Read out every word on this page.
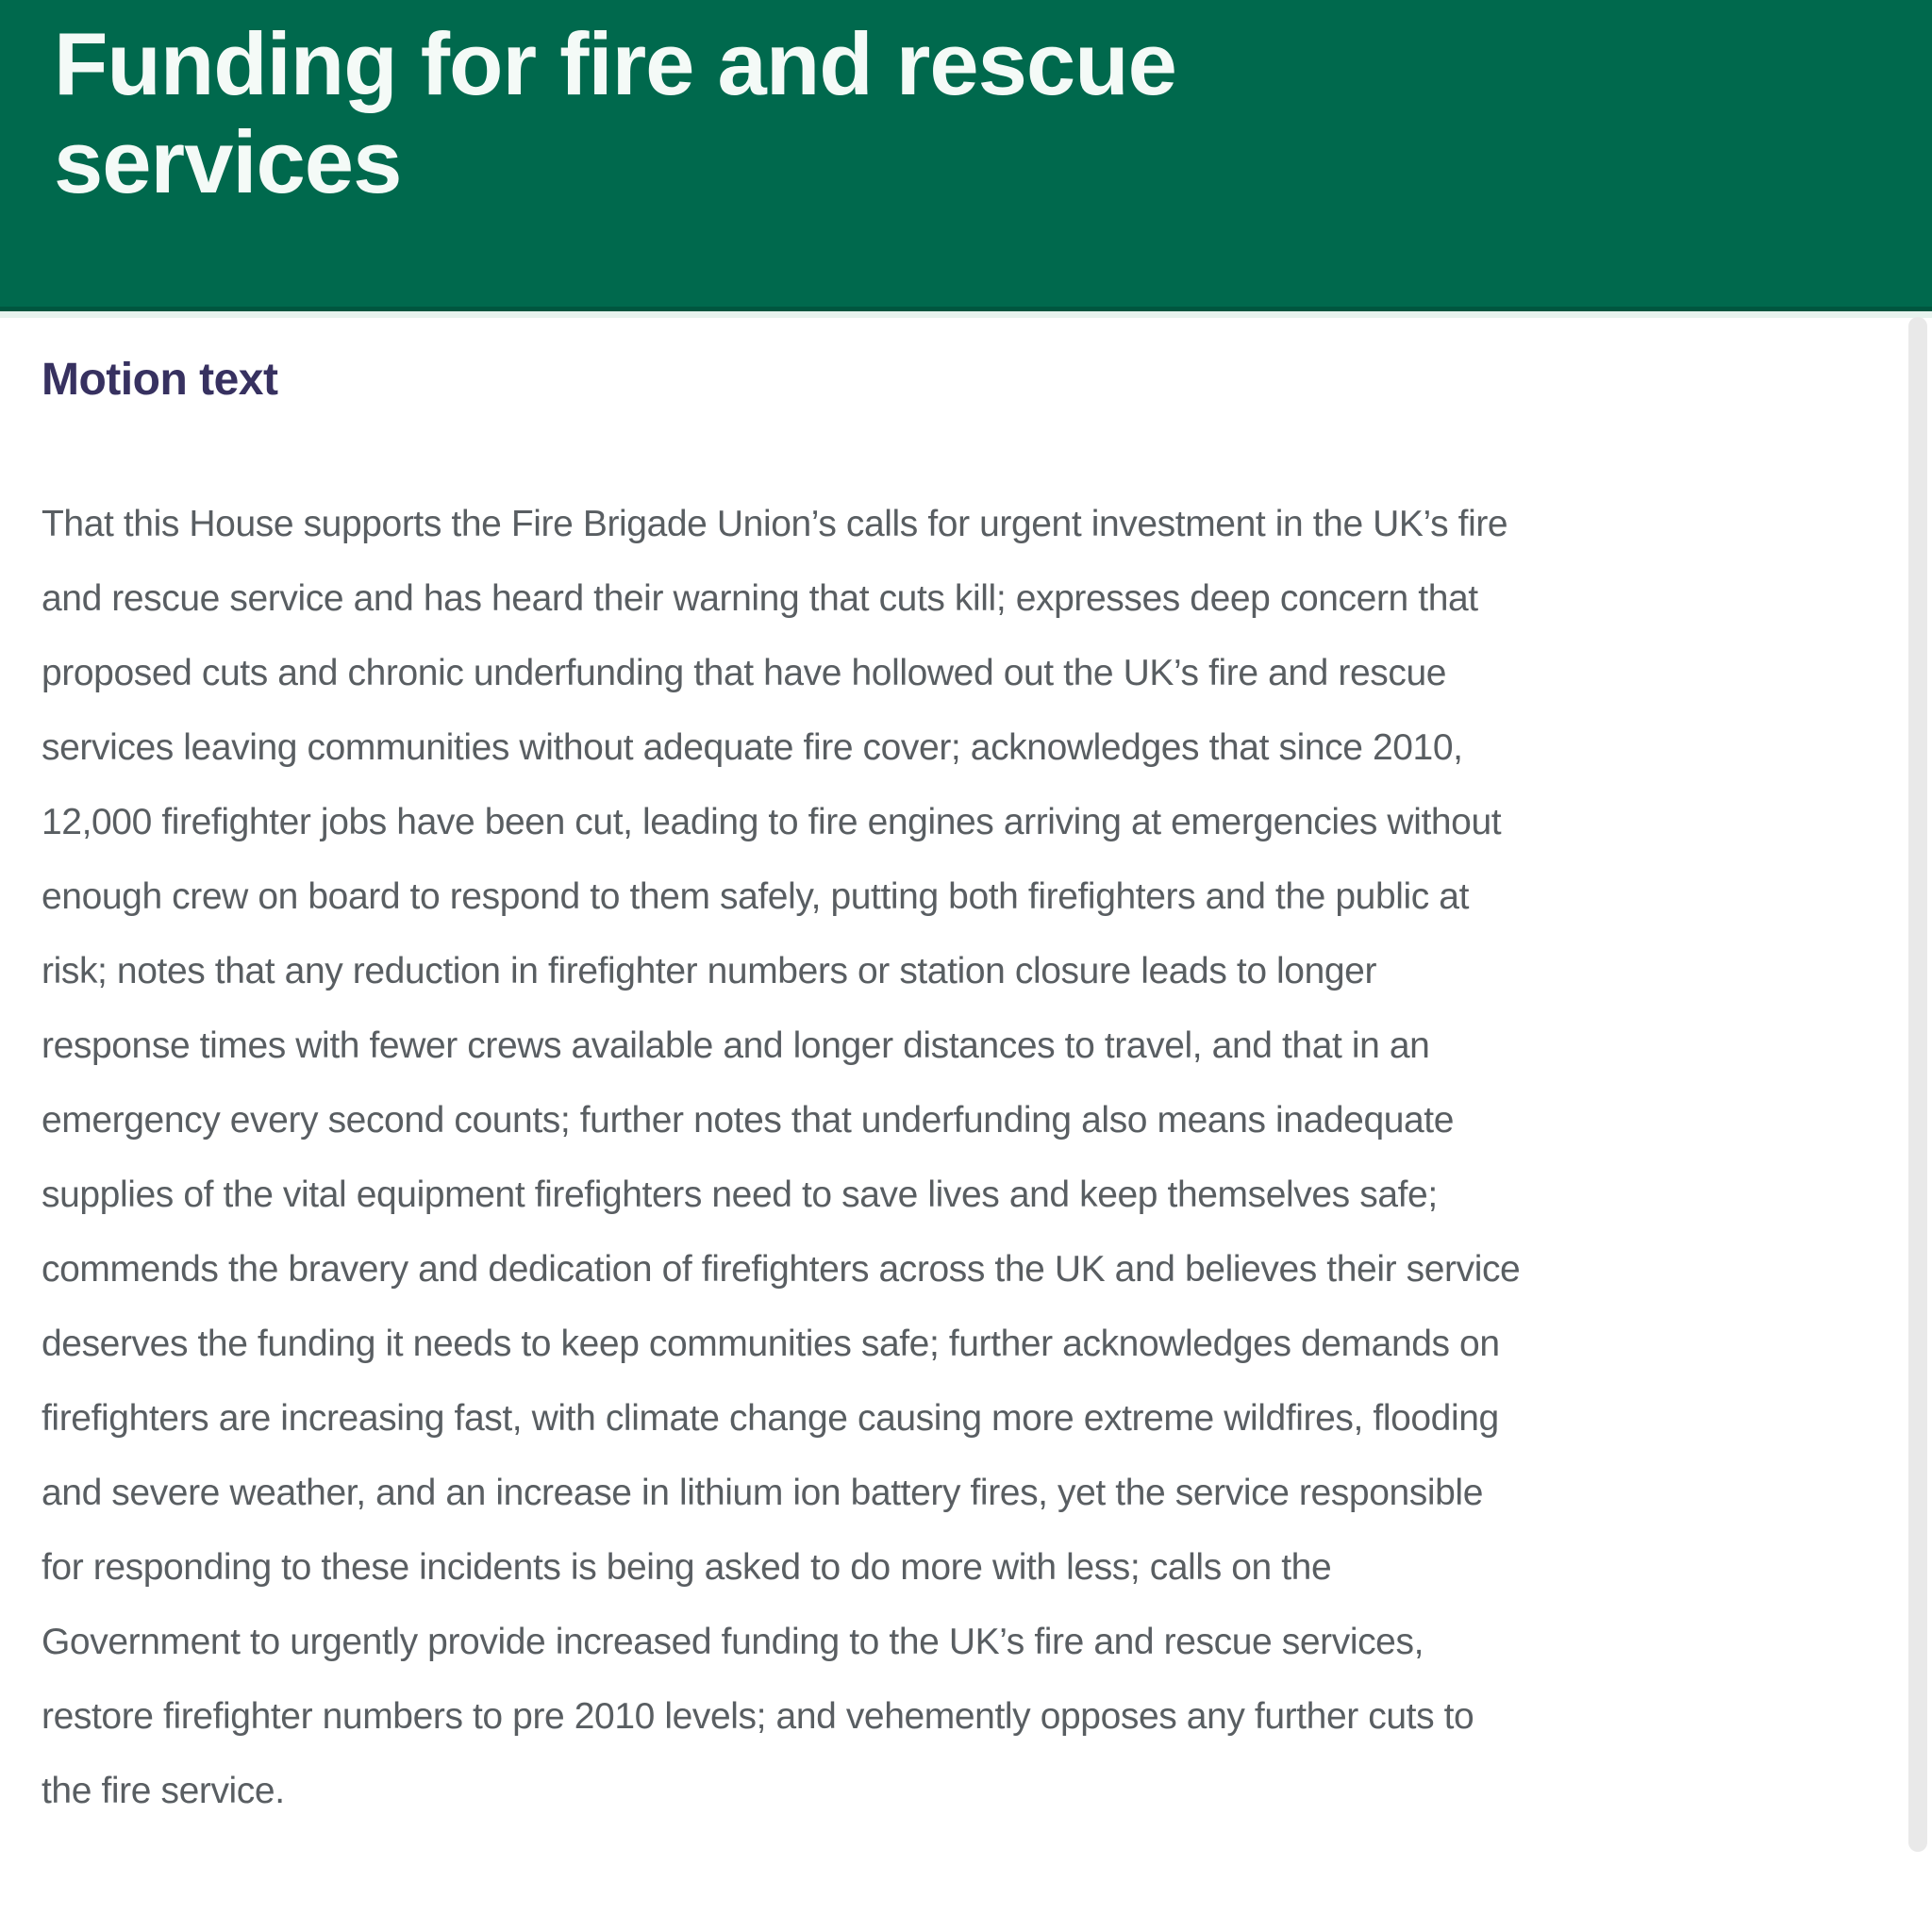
Funding for fire and rescue
services
Motion text

That this House supports the Fire Brigade Union’s calls for urgent investment in the UK’s fire and rescue service and has heard their warning that cuts kill; expresses deep concern that proposed cuts and chronic underfunding that have hollowed out the UK’s fire and rescue services leaving communities without adequate fire cover; acknowledges that since 2010, 12,000 firefighter jobs have been cut, leading to fire engines arriving at emergencies without enough crew on board to respond to them safely, putting both firefighters and the public at risk; notes that any reduction in firefighter numbers or station closure leads to longer response times with fewer crews available and longer distances to travel, and that in an emergency every second counts; further notes that underfunding also means inadequate supplies of the vital equipment firefighters need to save lives and keep themselves safe; commends the bravery and dedication of firefighters across the UK and believes their service deserves the funding it needs to keep communities safe; further acknowledges demands on firefighters are increasing fast, with climate change causing more extreme wildfires, flooding and severe weather, and an increase in lithium ion battery fires, yet the service responsible for responding to these incidents is being asked to do more with less; calls on the Government to urgently provide increased funding to the UK’s fire and rescue services, restore firefighter numbers to pre 2010 levels; and vehemently opposes any further cuts to the fire service.
